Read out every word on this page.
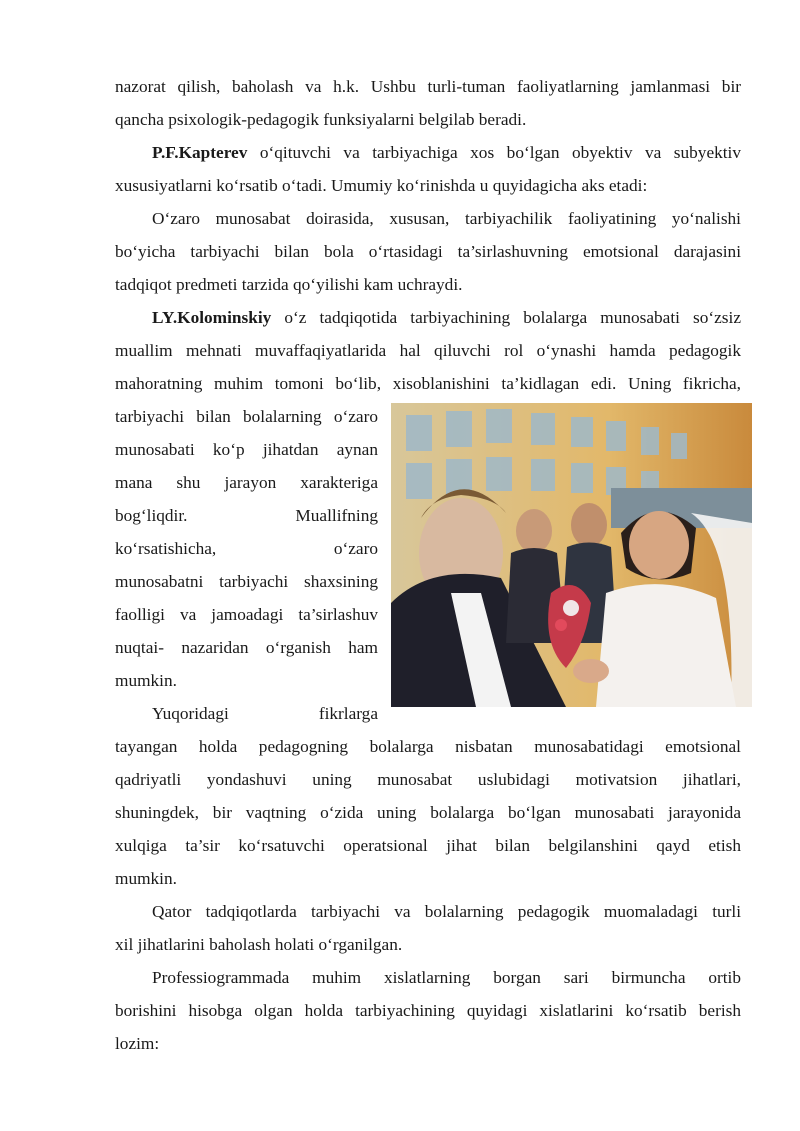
nazorat qilish, baholash va h.k. Ushbu turli-tuman faoliyatlarning jamlanmasi bir
qancha psixologik-pedagogik funksiyalarni belgilab beradi.
P.F.Kapterev o‘qituvchi va tarbiyachiga xos bo‘lgan obyektiv va subyektiv
xususiyatlarni ko‘rsatib o‘tadi. Umumiy ko‘rinishda u quyidagicha aks etadi:
O‘zaro munosabat doirasida, xususan, tarbiyachilik faoliyatining yo‘nalishi
bo‘yicha tarbiyachi bilan bola o‘rtasidagi ta’sirlashuvning emotsional darajasini
tadqiqot predmeti tarzida qo‘yilishi kam uchraydi.
LY.Kolominskiy o‘z tadqiqotida tarbiyachining bolalarga munosabati so‘zsiz
muallim mehnati muvaffaqiyatlarida hal qiluvchi rol o‘ynashi hamda pedagogik
mahoratning muhim tomoni bo‘lib, xisoblanishini ta’kidlagan edi. Uning fikricha,
tarbiyachi bilan bolalarning o‘zaro
munosabati ko‘p jihatdan aynan
mana shu jarayon xarakteriga
bog‘liqdir. Muallifning
ko‘rsatishicha, o‘zaro
munosabatni tarbiyachi shaxsining
faolligi va jamoadagi ta’sirlashuv
nuqtai- nazaridan o‘rganish ham
mumkin.
Yuqoridagi fikrlarga
tayangan holda pedagogning bolalarga nisbatan munosabatidagi emotsional
qadriyatli yondashuvi uning munosabat uslubidagi motivatsion jihatlari,
shuningdek, bir vaqtning o‘zida uning bolalarga bo‘lgan munosabati jarayonida
xulqiga ta’sir ko‘rsatuvchi operatsional jihat bilan belgilanshini qayd etish
mumkin.
Qator tadqiqotlarda tarbiyachi va bolalarning pedagogik muomaladagi turli
xil jihatlarini baholash holati o‘rganilgan.
Professiogrammada muhim xislatlarning borgan sari birmuncha ortib
borishini hisobga olgan holda tarbiyachining quyidagi xislatlarini ko‘rsatib berish
lozim:
